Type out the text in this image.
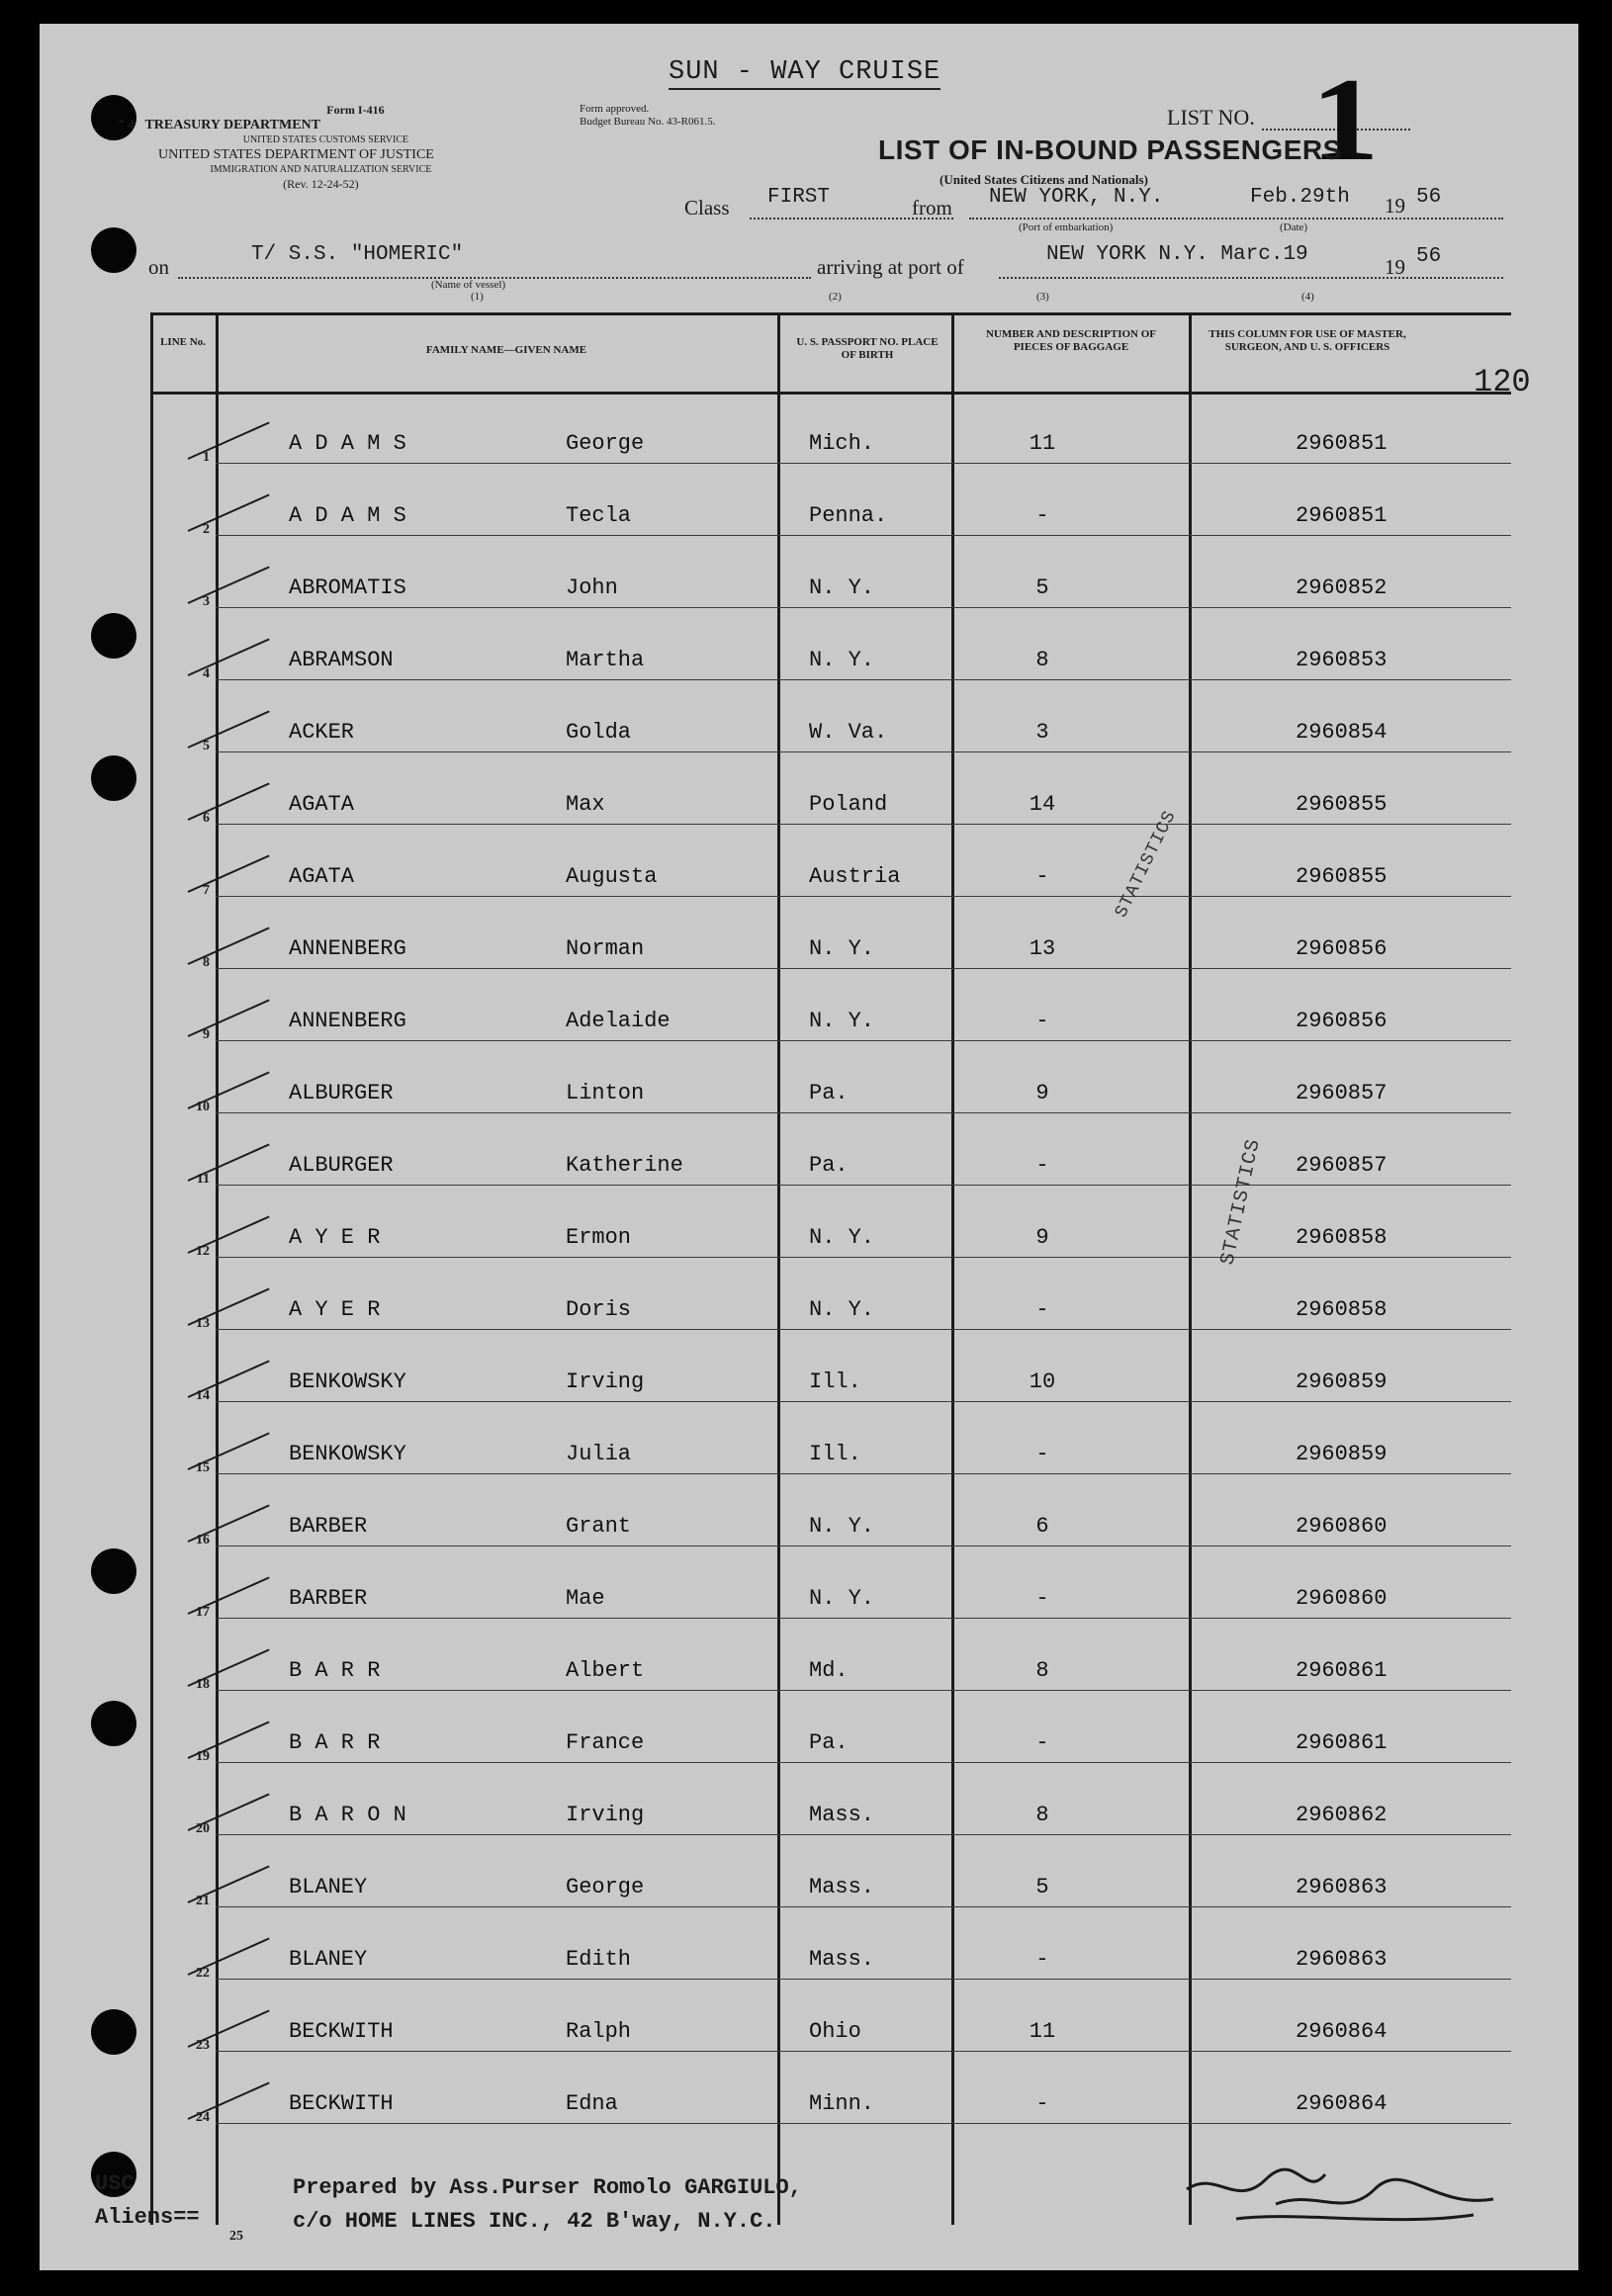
SUN - WAY CRUISE
Form I-416
ᐩ 4 TREASURY DEPARTMENT
UNITED STATES CUSTOMS SERVICE
UNITED STATES DEPARTMENT OF JUSTICE
IMMIGRATION AND NATURALIZATION SERVICE
(Rev. 12-24-52)
Form approved.
Budget Bureau No. 43-R061.5.	LIST NO. 1
LIST OF IN-BOUND PASSENGERS
(United States Citizens and Nationals)
Class FIRST	from NEW YORK, N.Y.	Feb.29th 19 56
(Port of embarkation)	(Date)
on
T/ S.S. "HOMERIC"
(Name of vessel)
(1)
arriving at port of
NEW YORK N.Y. Marc.19
19 56
(2)	(3)	(4)
120
LINE No.
FAMILY NAME—GIVEN NAME
U. S. PASSPORT NO. PLACE OF BIRTH
NUMBER AND DESCRIPTION OF PIECES OF BAGGAGE
THIS COLUMN FOR USE OF MASTER, SURGEON, AND U. S. OFFICERS
1
A D A M S	George	Mich.	11	2960851
2
A D A M S	Tecla	Penna.	-	2960851
3
ABROMATIS	John	N. Y.	5	2960852
4
ABRAMSON	Martha	N. Y.	8	2960853
5
ACKER	Golda	W. Va.	3	2960854
6
AGATA	Max	Poland	14	2960855
7
AGATA	Augusta	Austria	-	2960855
8
ANNENBERG	Norman	N. Y.	13	2960856
9
ANNENBERG	Adelaide	N. Y.	-	2960856
10
ALBURGER	Linton	Pa.	9	2960857
11
ALBURGER	Katherine	Pa.	-	2960857
12
A Y E R	Ermon	N. Y.	9	2960858
13
A Y E R	Doris	N. Y.	-	2960858
14
BENKOWSKY	Irving	Ill.	10	2960859
15
BENKOWSKY	Julia	Ill.	-	2960859
16
BARBER	Grant	N. Y.	6	2960860
17
BARBER	Mae	N. Y.	-	2960860
18
B A R R	Albert	Md.	8	2960861
19
B A R R	France	Pa.	-	2960861
20
B A R O N	Irving	Mass.	8	2960862
21
BLANEY	George	Mass.	5	2960863
22
BLANEY	Edith	Mass.	-	2960863
23
BECKWITH	Ralph	Ohio	11	2960864
24
BECKWITH	Edna	Minn.	-	2960864
STATISTICS
STATISTICS
USC
Aliens==
Prepared by Ass.Purser Romolo GARGIULO,
c/o HOME LINES INC., 42 B'way, N.Y.C.
25
